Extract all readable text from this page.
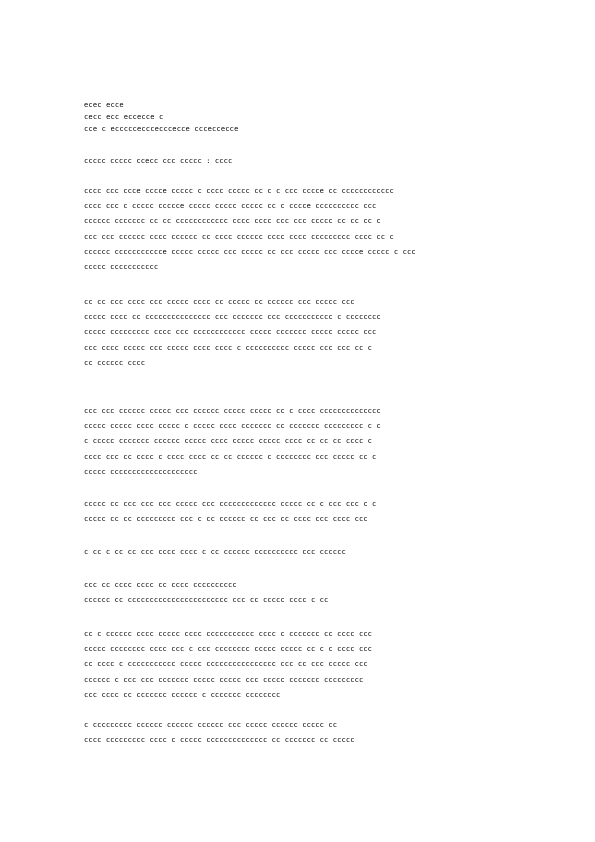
ecec ecce
cecc ecc eccecce c
cce c ecccccecccecccecce ccceccecce
ccccc ccccc ccecc ccc ccccc : cccc
cccc ccc ccce cccce ccccc c cccc ccccc cc c c ccc cccce cc cccccccccccc
cccc ccc c ccccc ccccce ccccc ccccc ccccc cc c cccce cccccccccc ccc
cccccc ccccccc cc cc cccccccccccc cccc cccc ccc ccc ccccc cc cc cc c
ccc ccc cccccc cccc cccccc cc cccc cccccc cccc cccc ccccccccc cccc cc c
cccccc ccccccccccce ccccc ccccc ccc ccccc cc ccc ccccc ccc cccce ccccc c ccc
ccccc ccccccccccc
cc cc ccc cccc ccc ccccc cccc cc ccccc cc cccccc ccc ccccc ccc
ccccc cccc cc ccccccccccccccc ccc ccccccc ccc ccccccccccc c cccccccc
ccccc ccccccccc cccc ccc cccccccccccc ccccc ccccccc ccccc ccccc ccc
ccc cccc ccccc ccc ccccc cccc cccc c cccccccccc ccccc ccc ccc cc c
cc cccccc cccc
ccc ccc cccccc ccccc ccc cccccc ccccc ccccc cc c cccc cccccccccccccc
ccccc ccccc cccc ccccc c ccccc cccc ccccccc cc ccccccc ccccccccc c c
c ccccc ccccccc cccccc ccccc cccc ccccc ccccc cccc cc cc cc cccc c
cccc ccc cc cccc c cccc cccc cc cc cccccc c cccccccc ccc ccccc cc c
ccccc cccccccccccccccccccc
ccccc cc ccc ccc ccc ccccc ccc ccccccccccccc ccccc cc c ccc ccc c c
ccccc cc cc ccccccccc ccc c cc cccccc cc ccc cc cccc ccc cccc ccc
c cc c cc cc ccc cccc cccc c cc cccccc cccccccccc ccc cccccc
ccc cc cccc cccc cc cccc cccccccccc
cccccc cc ccccccccccccccccccccccc ccc cc ccccc cccc c cc
cc c cccccc cccc ccccc cccc ccccccccccc cccc c ccccccc cc cccc ccc
ccccc cccccccc cccc ccc c ccc cccccccc ccccc ccccc cc c c cccc ccc
cc cccc c ccccccccccc ccccc cccccccccccccccc ccc cc ccc ccccc ccc
cccccc c ccc ccc ccccccc ccccc ccccc ccc ccccc ccccccc ccccccccc
ccc cccc cc ccccccc cccccc c ccccccc cccccccc
c ccccccccc cccccc cccccc cccccc ccc ccccc cccccc ccccc cc
cccc ccccccccc cccc c ccccc cccccccccccccc cc ccccccc cc ccccc
